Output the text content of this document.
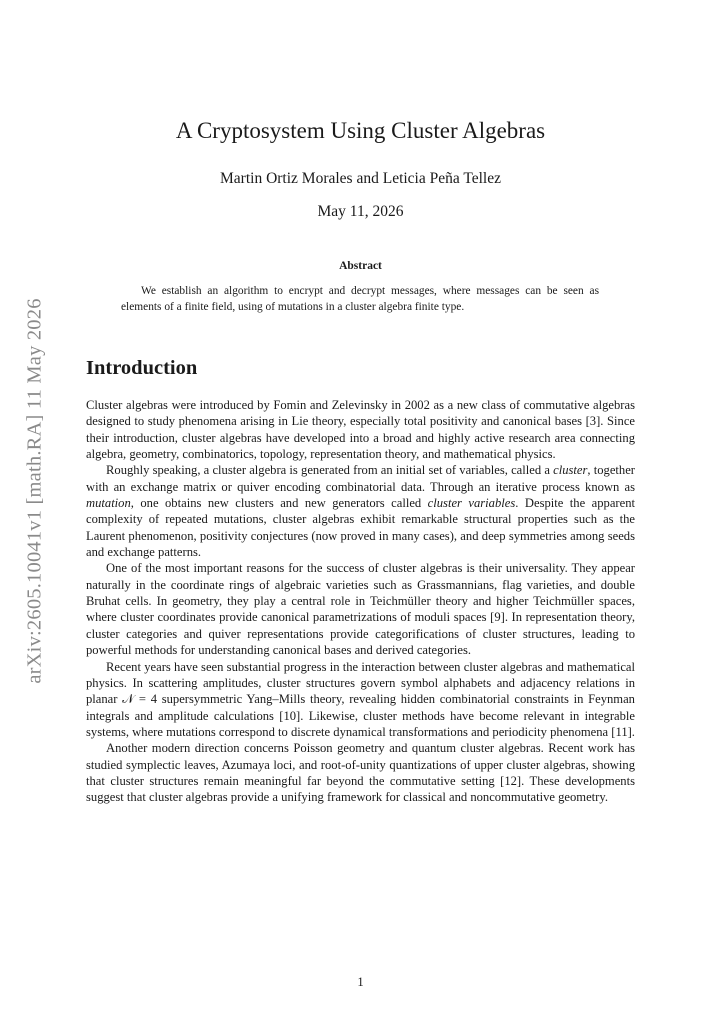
arXiv:2605.10041v1 [math.RA] 11 May 2026
A Cryptosystem Using Cluster Algebras
Martin Ortiz Morales and Leticia Peña Tellez
May 11, 2026
Abstract
We establish an algorithm to encrypt and decrypt messages, where messages can be seen as elements of a finite field, using of mutations in a cluster algebra finite type.
Introduction

Cluster algebras were introduced by Fomin and Zelevinsky in 2002 as a new class of commutative algebras designed to study phenomena arising in Lie theory, especially total positivity and canonical bases [3]. Since their introduction, cluster algebras have developed into a broad and highly active research area connecting algebra, geometry, combinatorics, topology, representation theory, and mathematical physics.

Roughly speaking, a cluster algebra is generated from an initial set of variables, called a cluster, together with an exchange matrix or quiver encoding combinatorial data. Through an iterative process known as mutation, one obtains new clusters and new generators called cluster variables. Despite the apparent complexity of repeated mutations, cluster algebras exhibit remarkable structural properties such as the Laurent phenomenon, positivity conjectures (now proved in many cases), and deep symmetries among seeds and exchange patterns.

One of the most important reasons for the success of cluster algebras is their universality. They appear naturally in the coordinate rings of algebraic varieties such as Grassmannians, flag varieties, and double Bruhat cells. In geometry, they play a central role in Teichmüller theory and higher Teichmüller spaces, where cluster coordinates provide canonical parametrizations of moduli spaces [9]. In representation theory, cluster categories and quiver representations provide categorifications of cluster structures, leading to powerful methods for understanding canonical bases and derived categories.

Recent years have seen substantial progress in the interaction between cluster algebras and mathematical physics. In scattering amplitudes, cluster structures govern symbol alphabets and adjacency relations in planar 𝒩 = 4 supersymmetric Yang–Mills theory, revealing hidden combinatorial constraints in Feynman integrals and amplitude calculations [10]. Likewise, cluster methods have become relevant in integrable systems, where mutations correspond to discrete dynamical transformations and periodicity phenomena [11].

Another modern direction concerns Poisson geometry and quantum cluster algebras. Recent work has studied symplectic leaves, Azumaya loci, and root-of-unity quantizations of upper cluster algebras, showing that cluster structures remain meaningful far beyond the commutative setting [12]. These developments suggest that cluster algebras provide a unifying framework for classical and noncommutative geometry.

1
